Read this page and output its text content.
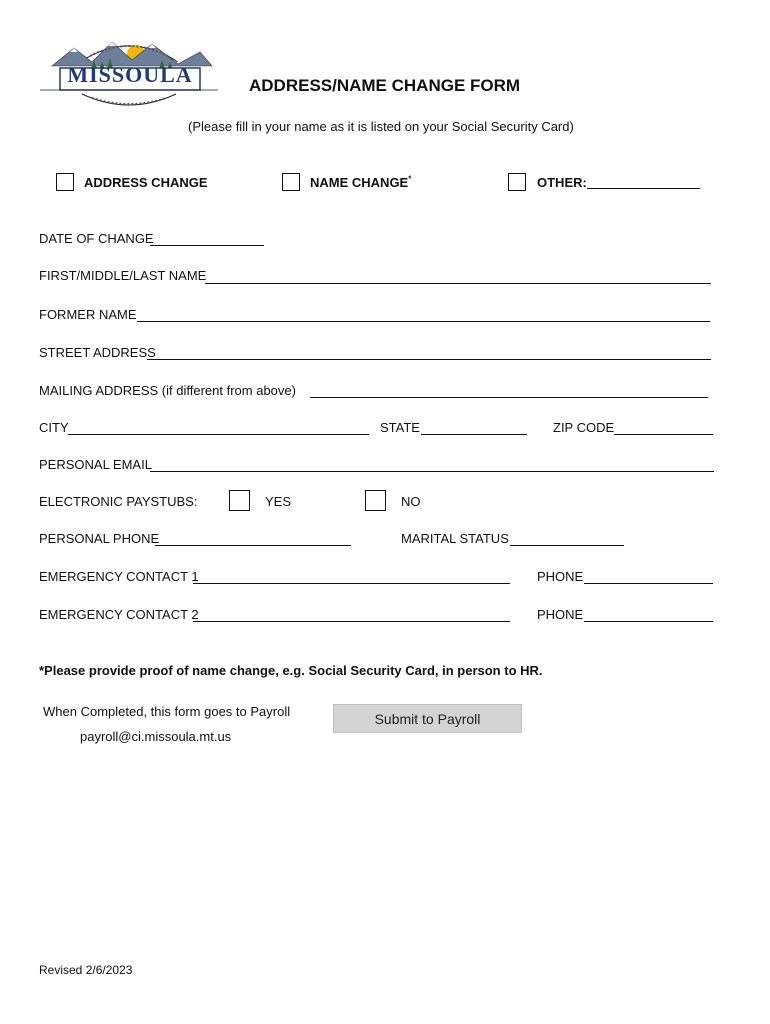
MISSOULA	ADDRESS/NAME CHANGE FORM
(Please fill in your name as it is listed on your Social Security Card)
ADDRESS CHANGE	NAME CHANGE*	OTHER:
DATE OF CHANGE
FIRST/MIDDLE/LAST NAME
FORMER NAME
STREET ADDRESS
MAILING ADDRESS (if different from above)
CITY	STATE	ZIP CODE
PERSONAL EMAIL
ELECTRONIC PAYSTUBS:	YES	NO
PERSONAL PHONE	MARITAL STATUS
EMERGENCY CONTACT 1	PHONE
EMERGENCY CONTACT 2	PHONE
*Please provide proof of name change, e.g. Social Security Card, in person to HR.
When Completed, this form goes to Payroll
payroll@ci.missoula.mt.us
Submit to Payroll
Revised 2/6/2023
